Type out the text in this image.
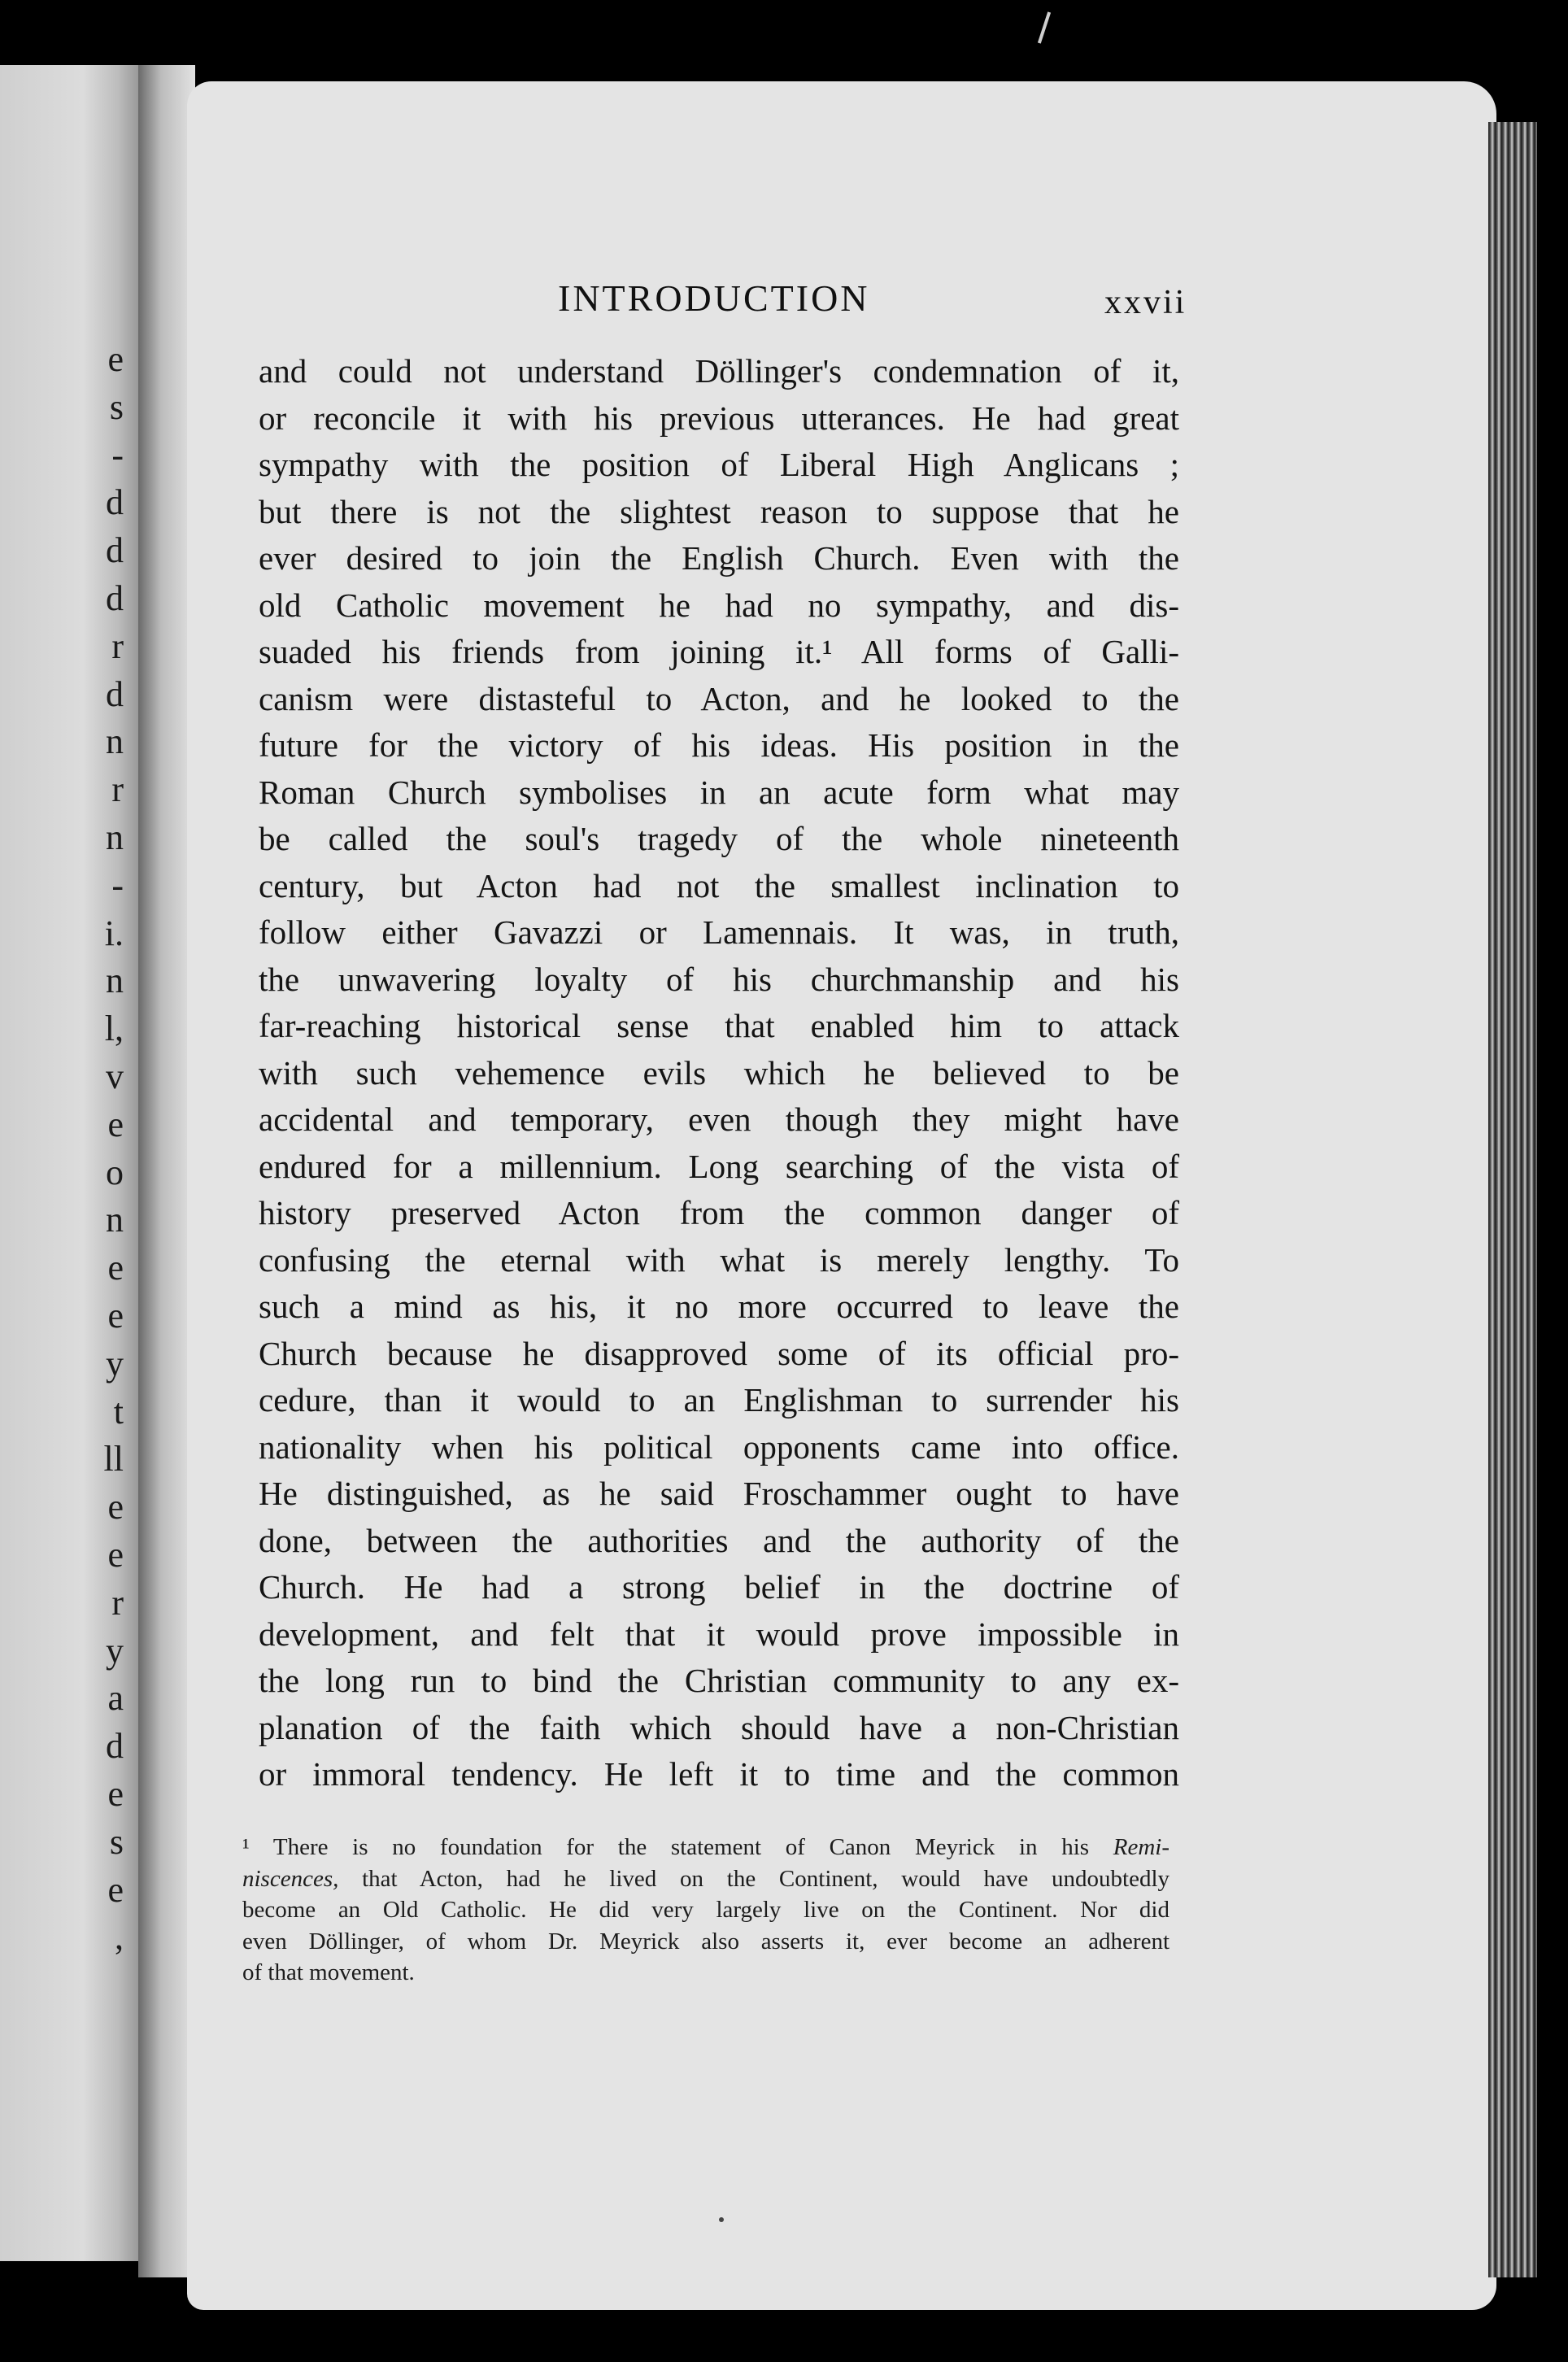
e
s
-
d
d
d
r
d
n
r
n
-
i.
n
l,
v
e
o
n
e
e
y
t
ll
e
e
r
y
a
d
e
s
e
,
INTRODUCTION	xxvii
and could not understand Döllinger's condemnation of it,
or reconcile it with his previous utterances. He had great
sympathy with the position of Liberal High Anglicans ;
but there is not the slightest reason to suppose that he
ever desired to join the English Church. Even with the
old Catholic movement he had no sympathy, and dis-
suaded his friends from joining it.¹ All forms of Galli-
canism were distasteful to Acton, and he looked to the
future for the victory of his ideas. His position in the
Roman Church symbolises in an acute form what may
be called the soul's tragedy of the whole nineteenth
century, but Acton had not the smallest inclination to
follow either Gavazzi or Lamennais. It was, in truth,
the unwavering loyalty of his churchmanship and his
far-reaching historical sense that enabled him to attack
with such vehemence evils which he believed to be
accidental and temporary, even though they might have
endured for a millennium. Long searching of the vista of
history preserved Acton from the common danger of
confusing the eternal with what is merely lengthy. To
such a mind as his, it no more occurred to leave the
Church because he disapproved some of its official pro-
cedure, than it would to an Englishman to surrender his
nationality when his political opponents came into office.
He distinguished, as he said Froschammer ought to have
done, between the authorities and the authority of the
Church. He had a strong belief in the doctrine of
development, and felt that it would prove impossible in
the long run to bind the Christian community to any ex-
planation of the faith which should have a non-Christian
or immoral tendency. He left it to time and the common
¹ There is no foundation for the statement of Canon Meyrick in his Remi-
niscences, that Acton, had he lived on the Continent, would have undoubtedly
become an Old Catholic. He did very largely live on the Continent. Nor did
even Döllinger, of whom Dr. Meyrick also asserts it, ever become an adherent
of that movement.
